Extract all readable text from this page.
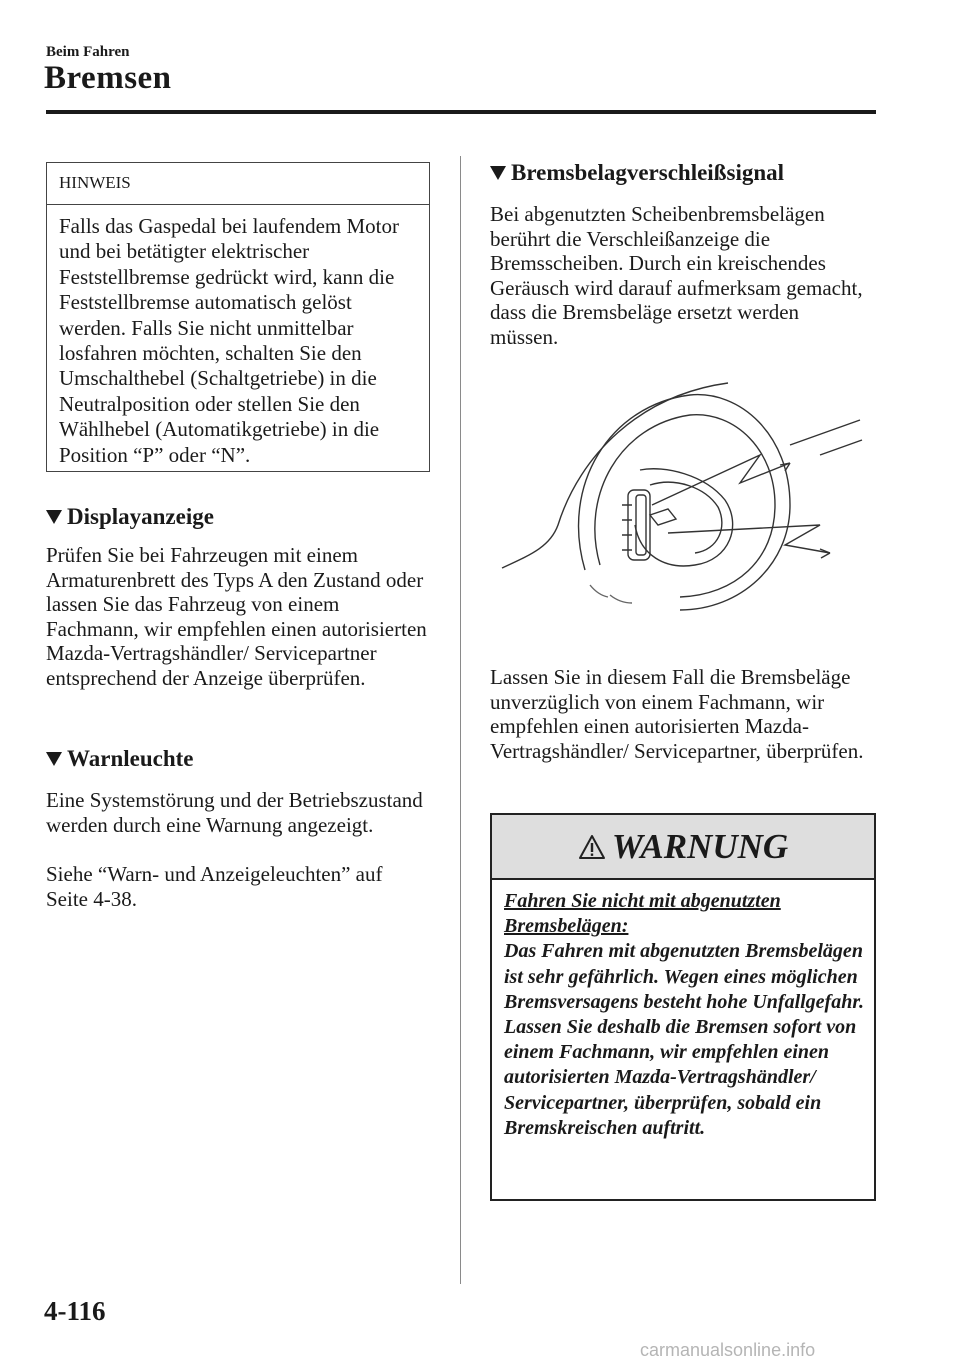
Beim Fahren
Bremsen
HINWEIS
Falls das Gaspedal bei laufendem Motor und bei betätigter elektrischer Feststellbremse gedrückt wird, kann die Feststellbremse automatisch gelöst werden. Falls Sie nicht unmittelbar losfahren möchten, schalten Sie den Umschalthebel (Schaltgetriebe) in die Neutralposition oder stellen Sie den Wählhebel (Automatikgetriebe) in die Position “P” oder “N”.
Displayanzeige
Prüfen Sie bei Fahrzeugen mit einem Armaturenbrett des Typs A den Zustand oder lassen Sie das Fahrzeug von einem Fachmann, wir empfehlen einen autorisierten Mazda-Vertragshändler/ Servicepartner entsprechend der Anzeige überprüfen.
Warnleuchte
Eine Systemstörung und der Betriebszustand werden durch eine Warnung angezeigt.
Siehe “Warn- und Anzeigeleuchten” auf Seite 4-38.
Bremsbelagverschleißsignal
Bei abgenutzten Scheibenbremsbelägen berührt die Verschleißanzeige die Bremsscheiben. Durch ein kreischendes Geräusch wird darauf aufmerksam gemacht, dass die Bremsbeläge ersetzt werden müssen.
Lassen Sie in diesem Fall die Bremsbeläge unverzüglich von einem Fachmann, wir empfehlen einen autorisierten Mazda-Vertragshändler/ Servicepartner, überprüfen.
WARNUNG
Fahren Sie nicht mit abgenutzten Bremsbelägen:
Das Fahren mit abgenutzten Bremsbelägen ist sehr gefährlich. Wegen eines möglichen Bremsversagens besteht hohe Unfallgefahr. Lassen Sie deshalb die Bremsen sofort von einem Fachmann, wir empfehlen einen autorisierten Mazda-Vertragshändler/ Servicepartner, überprüfen, sobald ein Bremskreischen auftritt.
4-116
carmanualsonline.info
